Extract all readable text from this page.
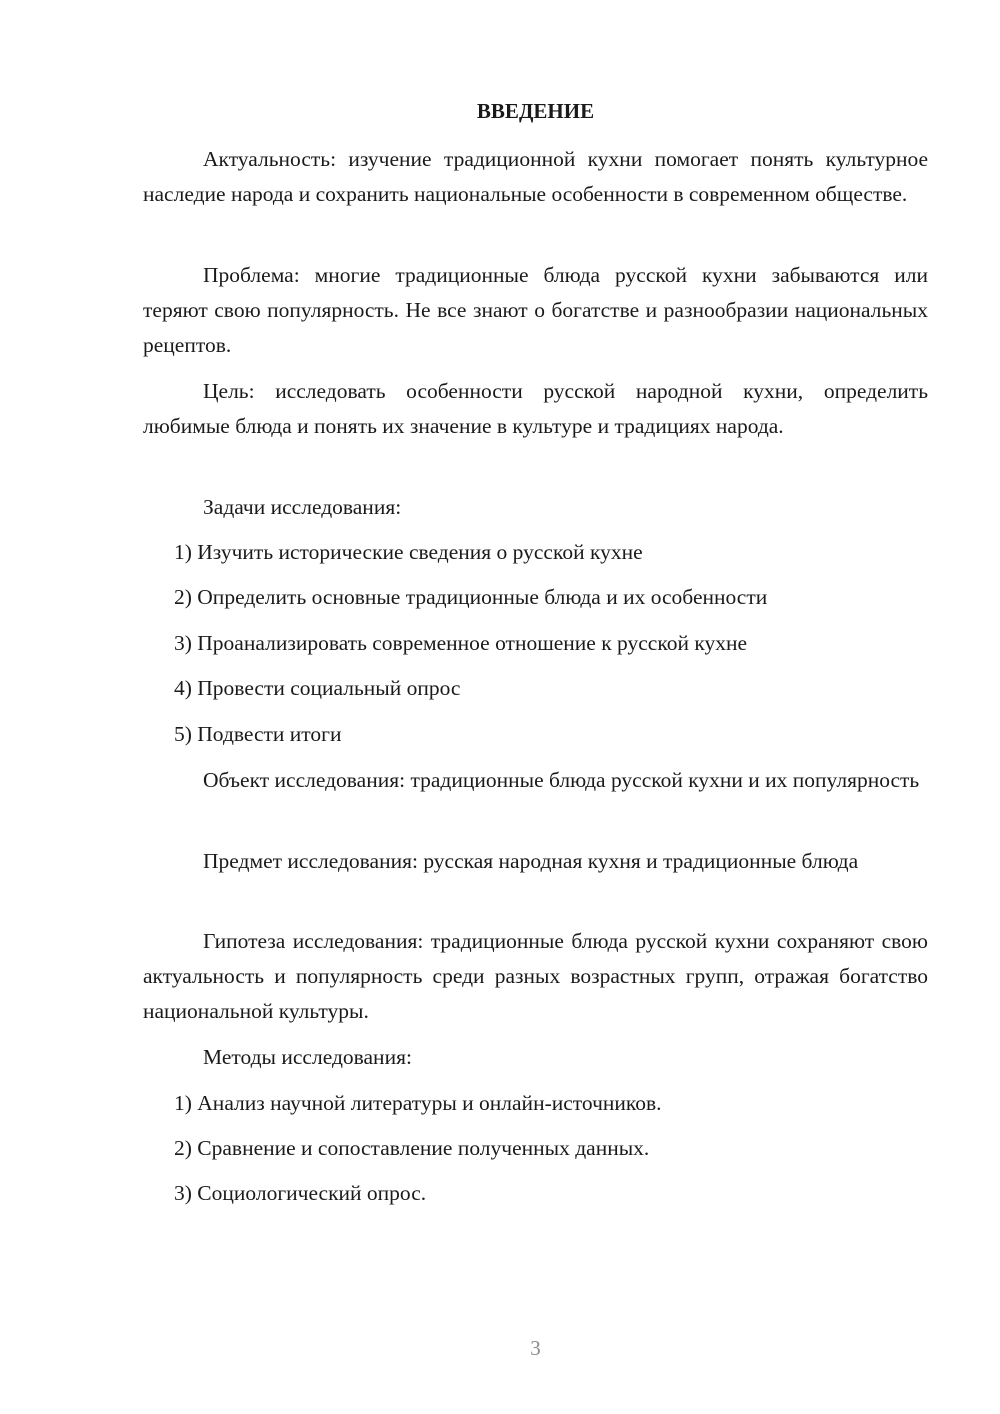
ВВЕДЕНИЕ

Актуальность: изучение традиционной кухни помогает понять культурное наследие народа и сохранить национальные особенности в современном обществе.

Проблема: многие традиционные блюда русской кухни забываются или теряют свою популярность. Не все знают о богатстве и разнообразии национальных рецептов.

Цель: исследовать особенности русской народной кухни, определить любимые блюда и понять их значение в культуре и традициях народа.

Задачи исследования:

1) Изучить исторические сведения о русской кухне

2) Определить основные традиционные блюда и их особенности

3) Проанализировать современное отношение к русской кухне

4) Провести социальный опрос

5) Подвести итоги

Объект исследования: традиционные блюда русской кухни и их популярность

Предмет исследования: русская народная кухня и традиционные блюда

Гипотеза исследования: традиционные блюда русской кухни сохраняют свою актуальность и популярность среди разных возрастных групп, отражая богатство национальной культуры.

Методы исследования:

1) Анализ научной литературы и онлайн-источников.

2) Сравнение и сопоставление полученных данных.

3) Социологический опрос.

3
